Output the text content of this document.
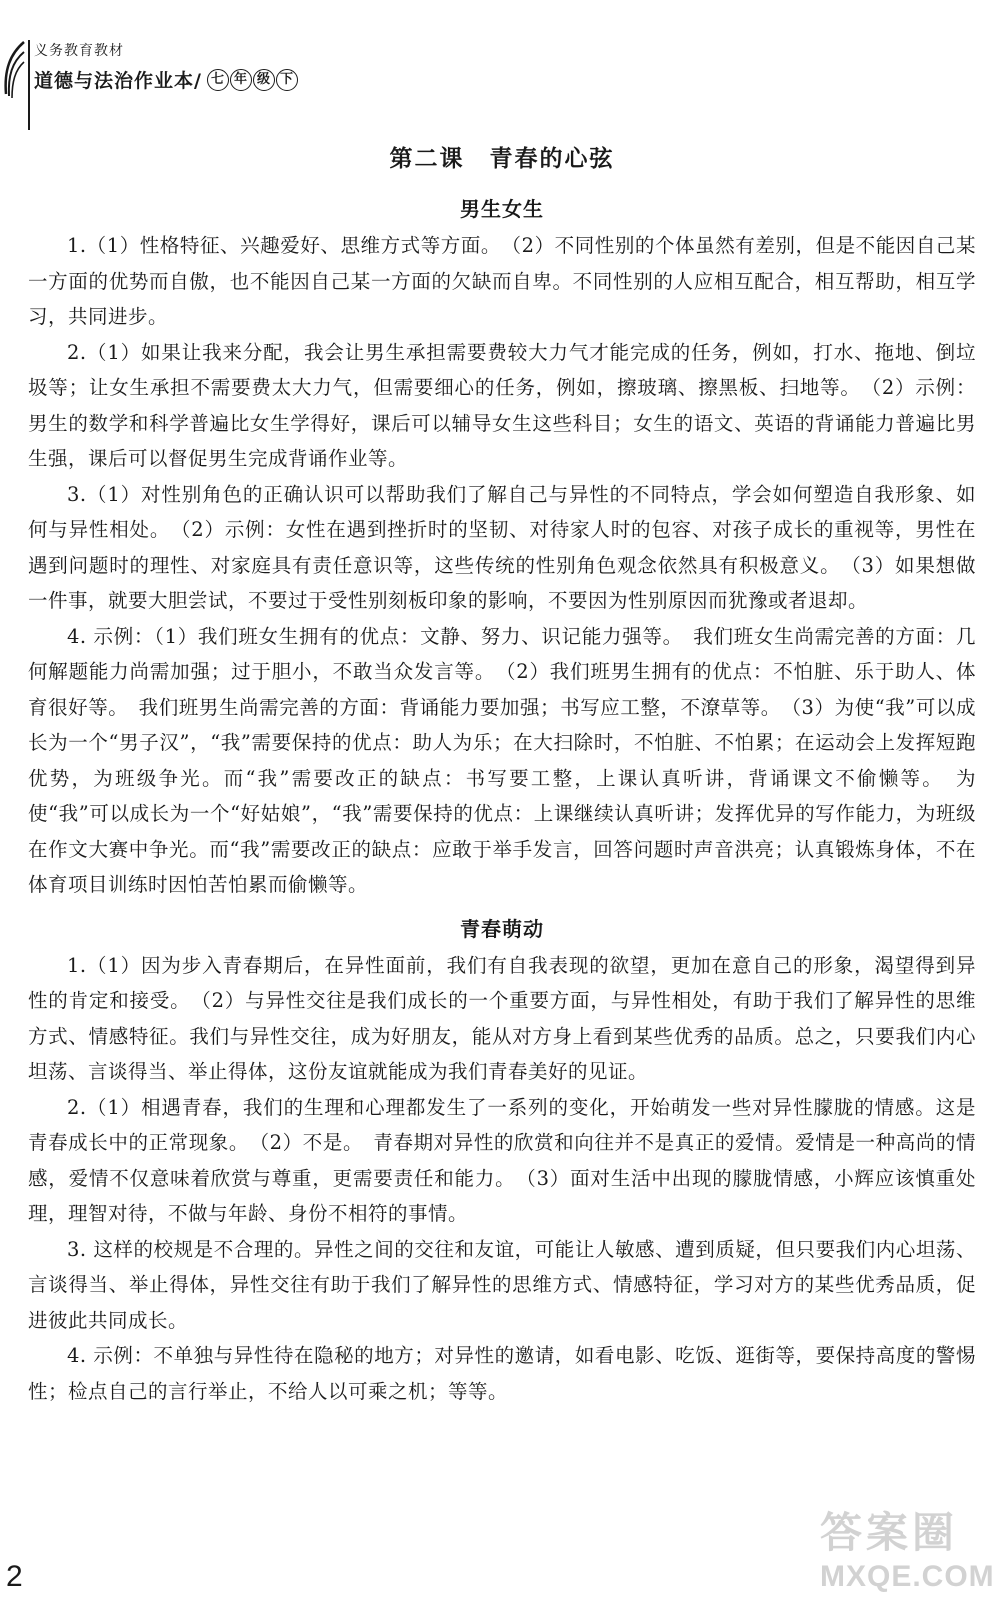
义务教育教材
道德与法治作业本/ 七 年 级 下
第二课　青春的心弦
男生女生

1.（1）性格特征、兴趣爱好、思维方式等方面。　（2）不同性别的个体虽然有差别，但是不能因自己某一方面的优势而自傲，也不能因自己某一方面的欠缺而自卑。不同性别的人应相互配合，相互帮助，相互学习，共同进步。

2.（1）如果让我来分配，我会让男生承担需要费较大力气才能完成的任务，例如，打水、拖地、倒垃圾等；让女生承担不需要费太大力气，但需要细心的任务，例如，擦玻璃、擦黑板、扫地等。　（2）示例：男生的数学和科学普遍比女生学得好，课后可以辅导女生这些科目；女生的语文、英语的背诵能力普遍比男生强，课后可以督促男生完成背诵作业等。

3.（1）对性别角色的正确认识可以帮助我们了解自己与异性的不同特点，学会如何塑造自我形象、如何与异性相处。　（2）示例：女性在遇到挫折时的坚韧、对待家人时的包容、对孩子成长的重视等，男性在遇到问题时的理性、对家庭具有责任意识等，这些传统的性别角色观念依然具有积极意义。　（3）如果想做一件事，就要大胆尝试，不要过于受性别刻板印象的影响，不要因为性别原因而犹豫或者退却。

4. 示例：（1）我们班女生拥有的优点：文静、努力、识记能力强等。　我们班女生尚需完善的方面：几何解题能力尚需加强；过于胆小，不敢当众发言等。　（2）我们班男生拥有的优点：不怕脏、乐于助人、体育很好等。　我们班男生尚需完善的方面：背诵能力要加强；书写应工整，不潦草等。　（3）为使“我”可以成长为一个“男子汉”，“我”需要保持的优点：助人为乐；在大扫除时，不怕脏、不怕累；在运动会上发挥短跑优势，为班级争光。而“我”需要改正的缺点：书写要工整，上课认真听讲，背诵课文不偷懒等。　为使“我”可以成长为一个“好姑娘”，“我”需要保持的优点：上课继续认真听讲；发挥优异的写作能力，为班级在作文大赛中争光。而“我”需要改正的缺点：应敢于举手发言，回答问题时声音洪亮；认真锻炼身体，不在体育项目训练时因怕苦怕累而偷懒等。

青春萌动

1.（1）因为步入青春期后，在异性面前，我们有自我表现的欲望，更加在意自己的形象，渴望得到异性的肯定和接受。　（2）与异性交往是我们成长的一个重要方面，与异性相处，有助于我们了解异性的思维方式、情感特征。我们与异性交往，成为好朋友，能从对方身上看到某些优秀的品质。总之，只要我们内心坦荡、言谈得当、举止得体，这份友谊就能成为我们青春美好的见证。

2.（1）相遇青春，我们的生理和心理都发生了一系列的变化，开始萌发一些对异性朦胧的情感。这是青春成长中的正常现象。　（2）不是。　青春期对异性的欣赏和向往并不是真正的爱情。爱情是一种高尚的情感，爱情不仅意味着欣赏与尊重，更需要责任和能力。　（3）面对生活中出现的朦胧情感，小辉应该慎重处理，理智对待，不做与年龄、身份不相符的事情。

3. 这样的校规是不合理的。异性之间的交往和友谊，可能让人敏感、遭到质疑，但只要我们内心坦荡、言谈得当、举止得体，异性交往有助于我们了解异性的思维方式、情感特征，学习对方的某些优秀品质，促进彼此共同成长。

4. 示例：不单独与异性待在隐秘的地方；对异性的邀请，如看电影、吃饭、逛街等，要保持高度的警惕性；检点自己的言行举止，不给人以可乘之机；等等。

2
答案圈
MXQE.COM
